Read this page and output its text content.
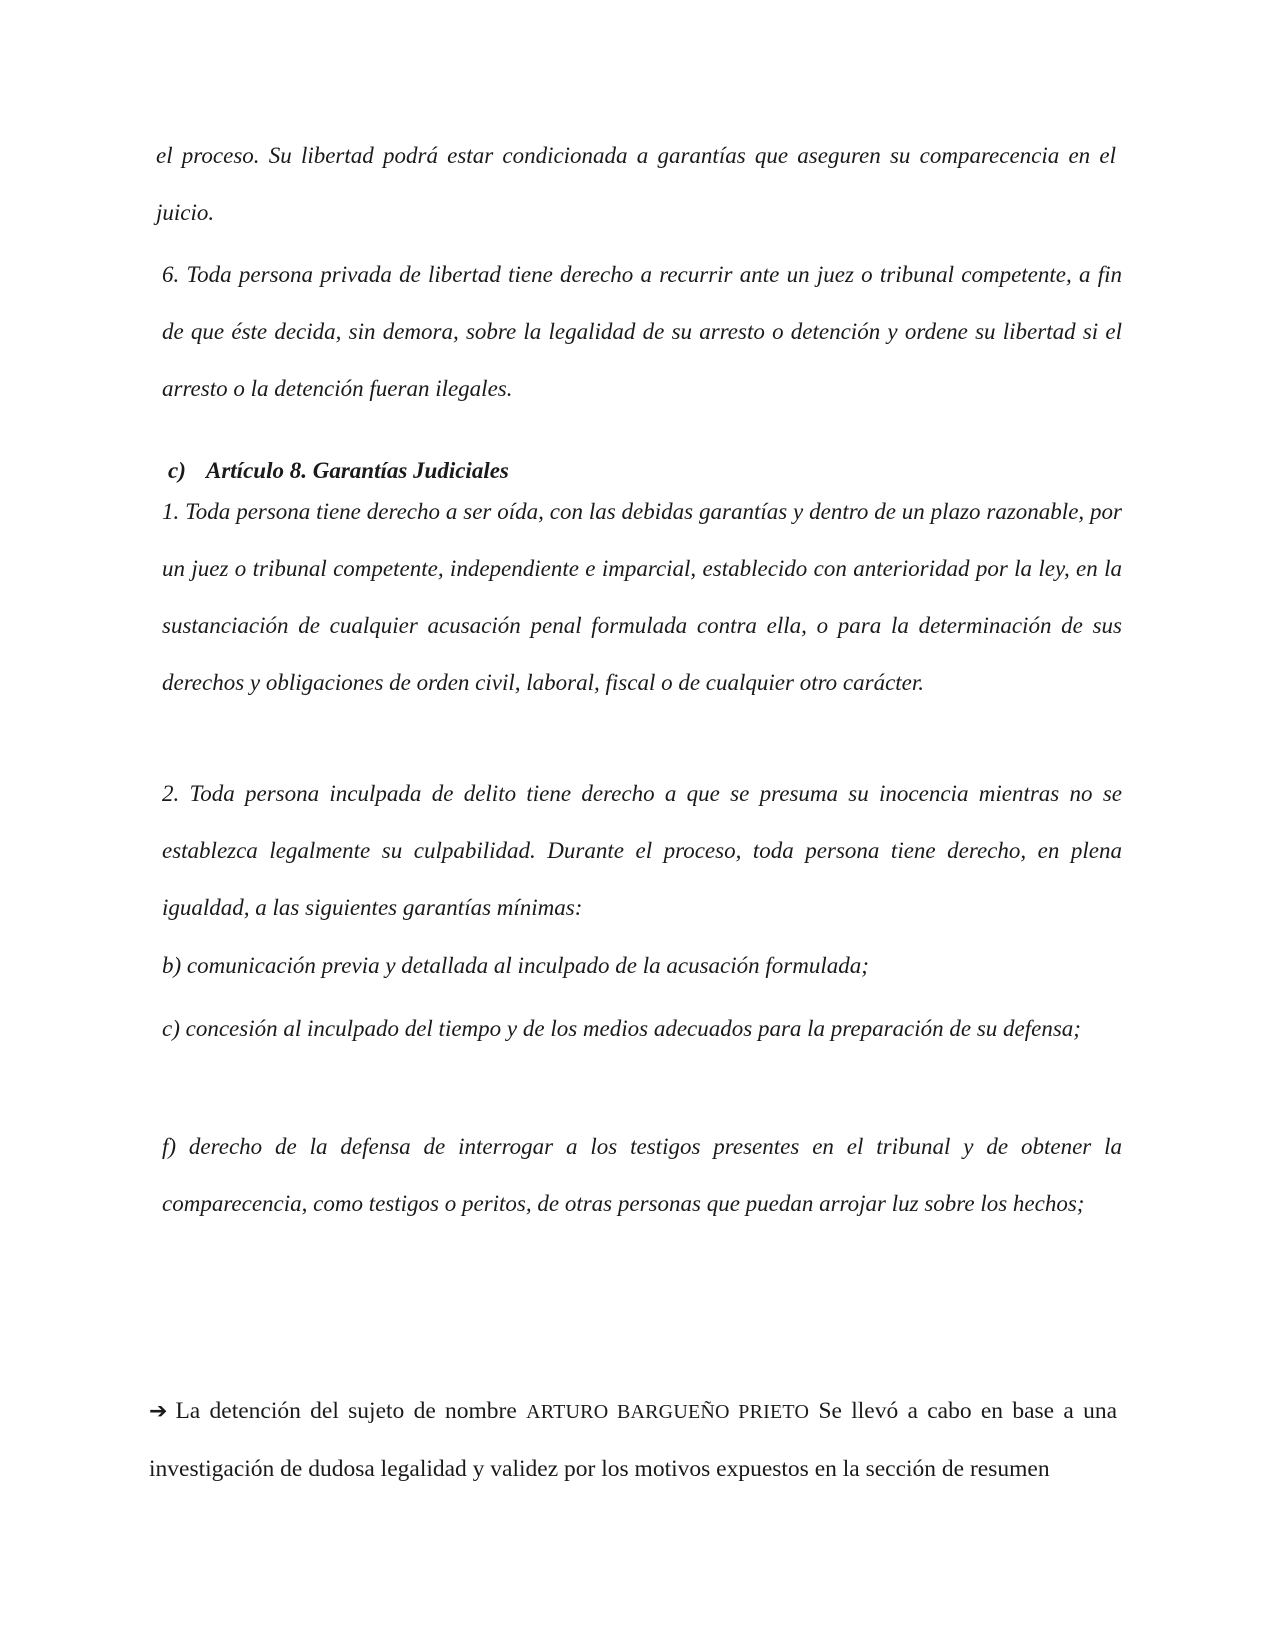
el proceso. Su libertad podrá estar condicionada a garantías que aseguren su comparecencia en el juicio.

6. Toda persona privada de libertad tiene derecho a recurrir ante un juez o tribunal competente, a fin de que éste decida, sin demora, sobre la legalidad de su arresto o detención y ordene su libertad si el arresto o la detención fueran ilegales.

c) Artículo 8. Garantías Judiciales

1. Toda persona tiene derecho a ser oída, con las debidas garantías y dentro de un plazo razonable, por un juez o tribunal competente, independiente e imparcial, establecido con anterioridad por la ley, en la sustanciación de cualquier acusación penal formulada contra ella, o para la determinación de sus derechos y obligaciones de orden civil, laboral, fiscal o de cualquier otro carácter.

2. Toda persona inculpada de delito tiene derecho a que se presuma su inocencia mientras no se establezca legalmente su culpabilidad. Durante el proceso, toda persona tiene derecho, en plena igualdad, a las siguientes garantías mínimas:

b) comunicación previa y detallada al inculpado de la acusación formulada;

c) concesión al inculpado del tiempo y de los medios adecuados para la preparación de su defensa;

f) derecho de la defensa de interrogar a los testigos presentes en el tribunal y de obtener la comparecencia, como testigos o peritos, de otras personas que puedan arrojar luz sobre los hechos;

➔ La detención del sujeto de nombre ARTURO BARGUEÑO PRIETO Se llevó a cabo en base a una investigación de dudosa legalidad y validez por los motivos expuestos en la sección de resumen
